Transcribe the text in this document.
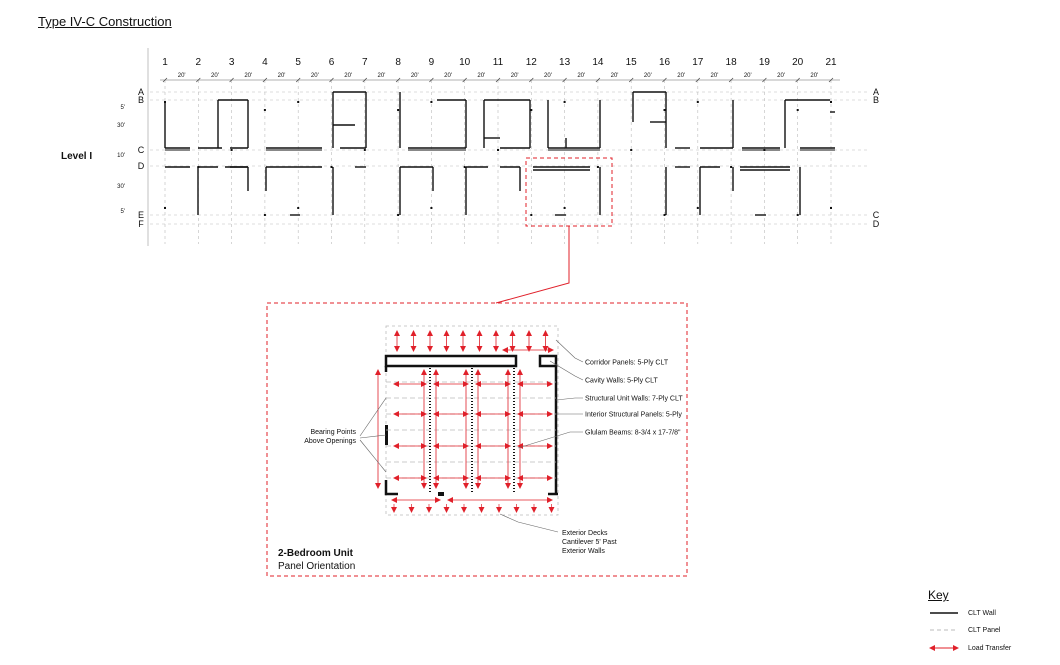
Type IV-C Construction
Level I
1	2	3	4	5	6	7	8	9 10 11 12 13 14 15 16 17 18 19 20 21
20'	20'	20'	20'	20'	20'	20'	20'	20'	20'	20'	20'	20'	20'	20'	20'	20'	20'	20'	20'
A
B
C
D
E
F
A
B
C
D
5'
30'
10'
30'
5'
Corridor Panels: 5-Ply CLT
Cavity Walls: 5-Ply CLT
Structural Unit Walls: 7-Ply CLT
Interior Structural Panels: 5-Ply
Glulam Beams: 8-3/4 x 17-7/8"
Bearing Points
Above Openings
Exterior Decks
Cantilever 5' Past
Exterior Walls
2-Bedroom Unit
Panel Orientation
Key
CLT Wall
CLT Panel
Load Transfer
